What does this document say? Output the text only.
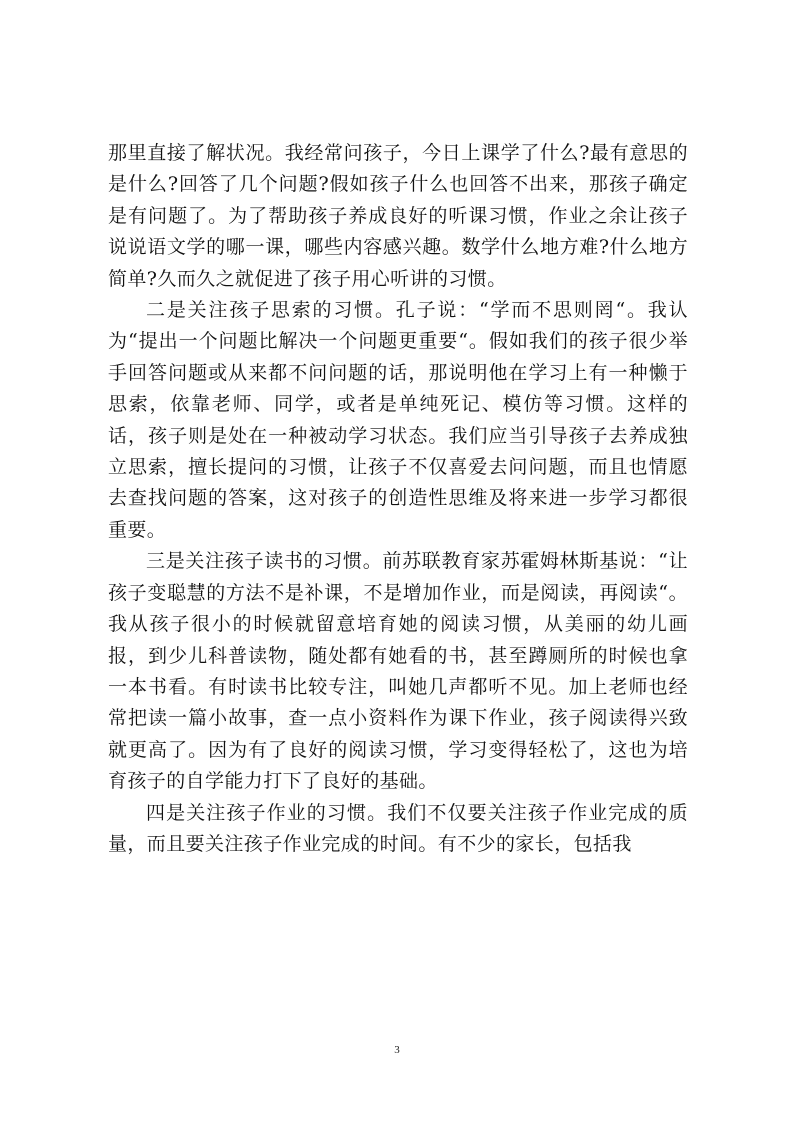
那里直接了解状况。我经常问孩子，今日上课学了什么?最有意思的是什么?回答了几个问题?假如孩子什么也回答不出来，那孩子确定是有问题了。为了帮助孩子养成良好的听课习惯，作业之余让孩子说说语文学的哪一课，哪些内容感兴趣。数学什么地方难?什么地方简单?久而久之就促进了孩子用心听讲的习惯。

二是关注孩子思索的习惯。孔子说：“学而不思则罔“。我认为“提出一个问题比解决一个问题更重要“。假如我们的孩子很少举手回答问题或从来都不问问题的话，那说明他在学习上有一种懒于思索，依靠老师、同学，或者是单纯死记、模仿等习惯。这样的话，孩子则是处在一种被动学习状态。我们应当引导孩子去养成独立思索，擅长提问的习惯，让孩子不仅喜爱去问问题，而且也情愿去查找问题的答案，这对孩子的创造性思维及将来进一步学习都很重要。

三是关注孩子读书的习惯。前苏联教育家苏霍姆林斯基说：“让孩子变聪慧的方法不是补课，不是增加作业，而是阅读，再阅读“。我从孩子很小的时候就留意培育她的阅读习惯，从美丽的幼儿画报，到少儿科普读物，随处都有她看的书，甚至蹲厕所的时候也拿一本书看。有时读书比较专注，叫她几声都听不见。加上老师也经常把读一篇小故事，查一点小资料作为课下作业，孩子阅读得兴致就更高了。因为有了良好的阅读习惯，学习变得轻松了，这也为培育孩子的自学能力打下了良好的基础。

四是关注孩子作业的习惯。我们不仅要关注孩子作业完成的质量，而且要关注孩子作业完成的时间。有不少的家长，包括我

3
